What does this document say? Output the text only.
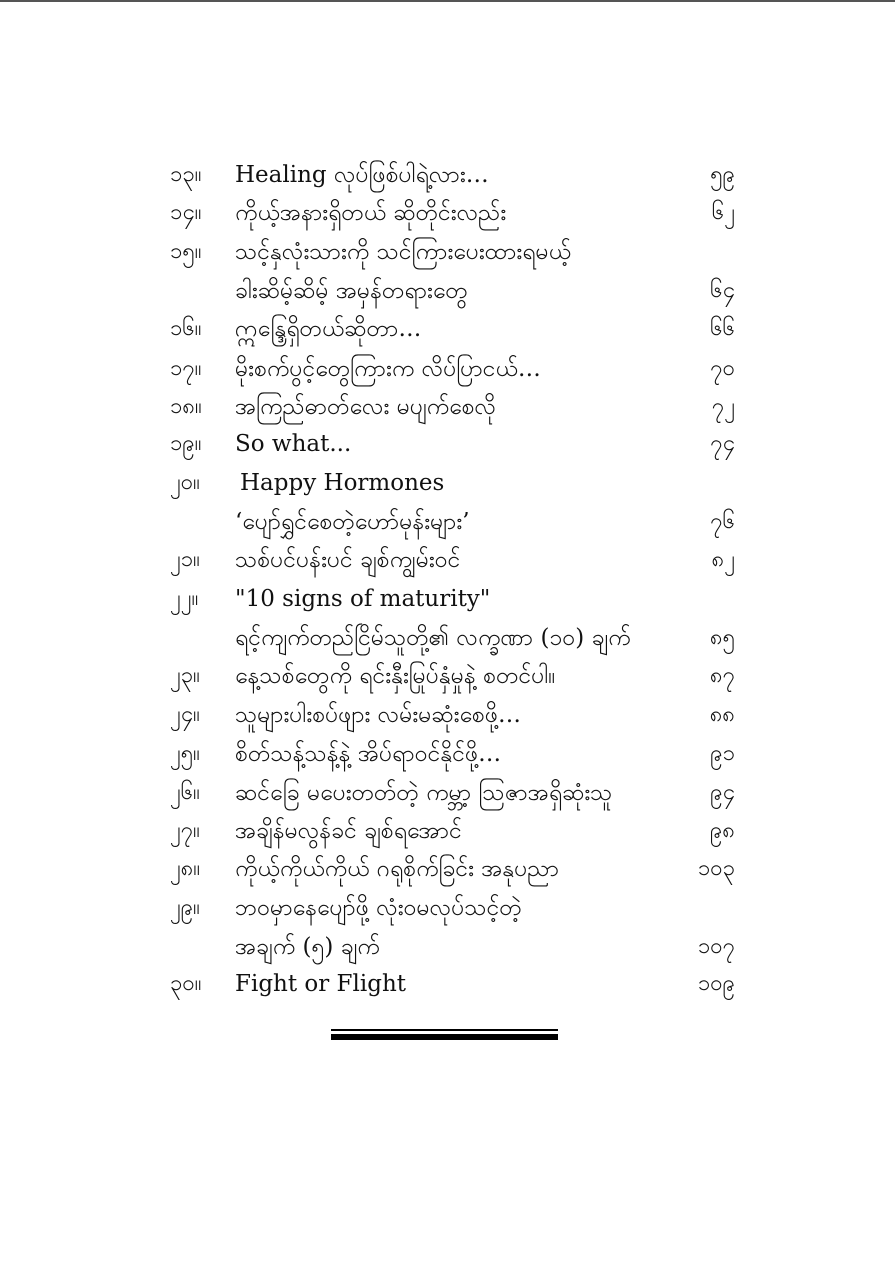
၁၃။ Healing လုပ်ဖြစ်ပါရဲ့လား…	၅၉
၁၄။ ကိုယ့်အနားရှိတယ် ဆိုတိုင်းလည်း	၆၂
၁၅။ သင့်နှလုံးသားကို သင်ကြားပေးထားရမယ့်
ခါးဆိမ့်ဆိမ့် အမှန်တရားတွေ	၆၄
၁၆။ ဣန္ဒြေရှိတယ်ဆိုတာ…	၆၆
၁၇။ မိုးစက်ပွင့်တွေကြားက လိပ်ပြာငယ်…	၇၀
၁၈။ အကြည်ဓာတ်လေး မပျက်စေလို	၇၂
၁၉။ So what...	၇၄
၂၀။ Happy Hormones
‘ပျော်ရွှင်စေတဲ့ဟော်မုန်းများ’	၇၆
၂၁။ သစ်ပင်ပန်းပင် ချစ်ကျွမ်းဝင်	၈၂
၂၂။ "10 signs of maturity"
ရင့်ကျက်တည်ငြိမ်သူတို့၏ လက္ခဏာ (၁၀) ချက်	၈၅
၂၃။ နေ့သစ်တွေကို ရင်းနှီးမြုပ်နှံမှုနဲ့ စတင်ပါ။	၈၇
၂၄။ သူများပါးစပ်ဖျား လမ်းမဆုံးစေဖို့…	၈၈
၂၅။ စိတ်သန့်သန့်နဲ့ အိပ်ရာဝင်နိုင်ဖို့…	၉၁
၂၆။ ဆင်ခြေ မပေးတတ်တဲ့ ကမ္ဘာ့ ဩဇာအရှိဆုံးသူ	၉၄
၂၇။ အချိန်မလွန်ခင် ချစ်ရအောင်	၉၈
၂၈။ ကိုယ့်ကိုယ်ကိုယ် ဂရုစိုက်ခြင်း အနုပညာ	၁၀၃
၂၉။ ဘဝမှာနေပျော်ဖို့ လုံးဝမလုပ်သင့်တဲ့
အချက် (၅) ချက်	၁၀၇
၃၀။ Fight or Flight	၁၀၉
